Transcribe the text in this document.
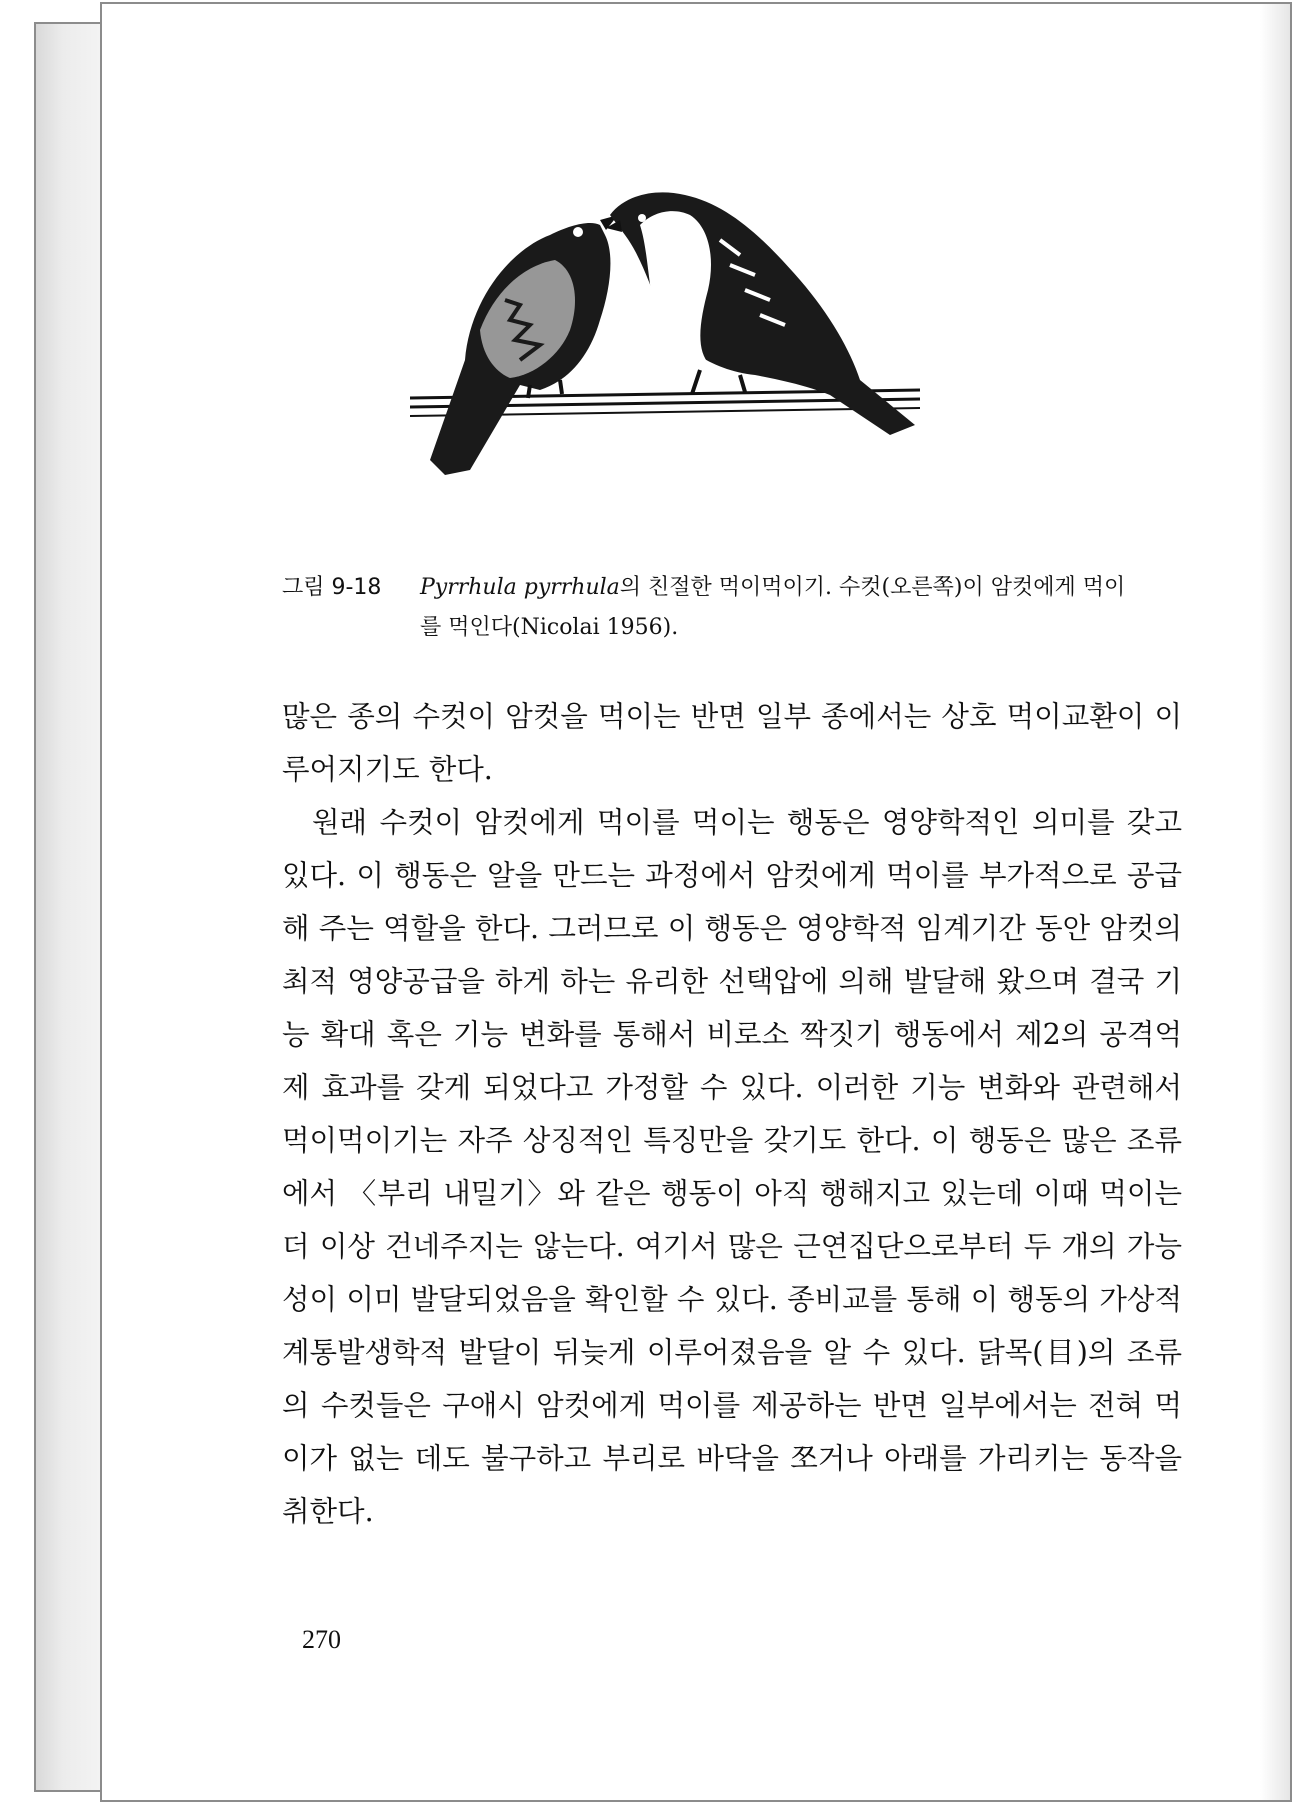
그림 9-18 Pyrrhula pyrrhula의 친절한 먹이먹이기. 수컷(오른쪽)이 암컷에게 먹이
를 먹인다(Nicolai 1956).

많은 종의 수컷이 암컷을 먹이는 반면 일부 종에서는 상호 먹이교환이 이루어지기도 한다.

원래 수컷이 암컷에게 먹이를 먹이는 행동은 영양학적인 의미를 갖고 있다. 이 행동은 알을 만드는 과정에서 암컷에게 먹이를 부가적으로 공급해 주는 역할을 한다. 그러므로 이 행동은 영양학적 임계기간 동안 암컷의 최적 영양공급을 하게 하는 유리한 선택압에 의해 발달해 왔으며 결국 기능 확대 혹은 기능 변화를 통해서 비로소 짝짓기 행동에서 제2의 공격억제 효과를 갖게 되었다고 가정할 수 있다. 이러한 기능 변화와 관련해서 먹이먹이기는 자주 상징적인 특징만을 갖기도 한다. 이 행동은 많은 조류에서 〈부리 내밀기〉와 같은 행동이 아직 행해지고 있는데 이때 먹이는 더 이상 건네주지는 않는다. 여기서 많은 근연집단으로부터 두 개의 가능성이 이미 발달되었음을 확인할 수 있다. 종비교를 통해 이 행동의 가상적 계통발생학적 발달이 뒤늦게 이루어졌음을 알 수 있다. 닭목(目)의 조류의 수컷들은 구애시 암컷에게 먹이를 제공하는 반면 일부에서는 전혀 먹이가 없는 데도 불구하고 부리로 바닥을 쪼거나 아래를 가리키는 동작을 취한다.

270
